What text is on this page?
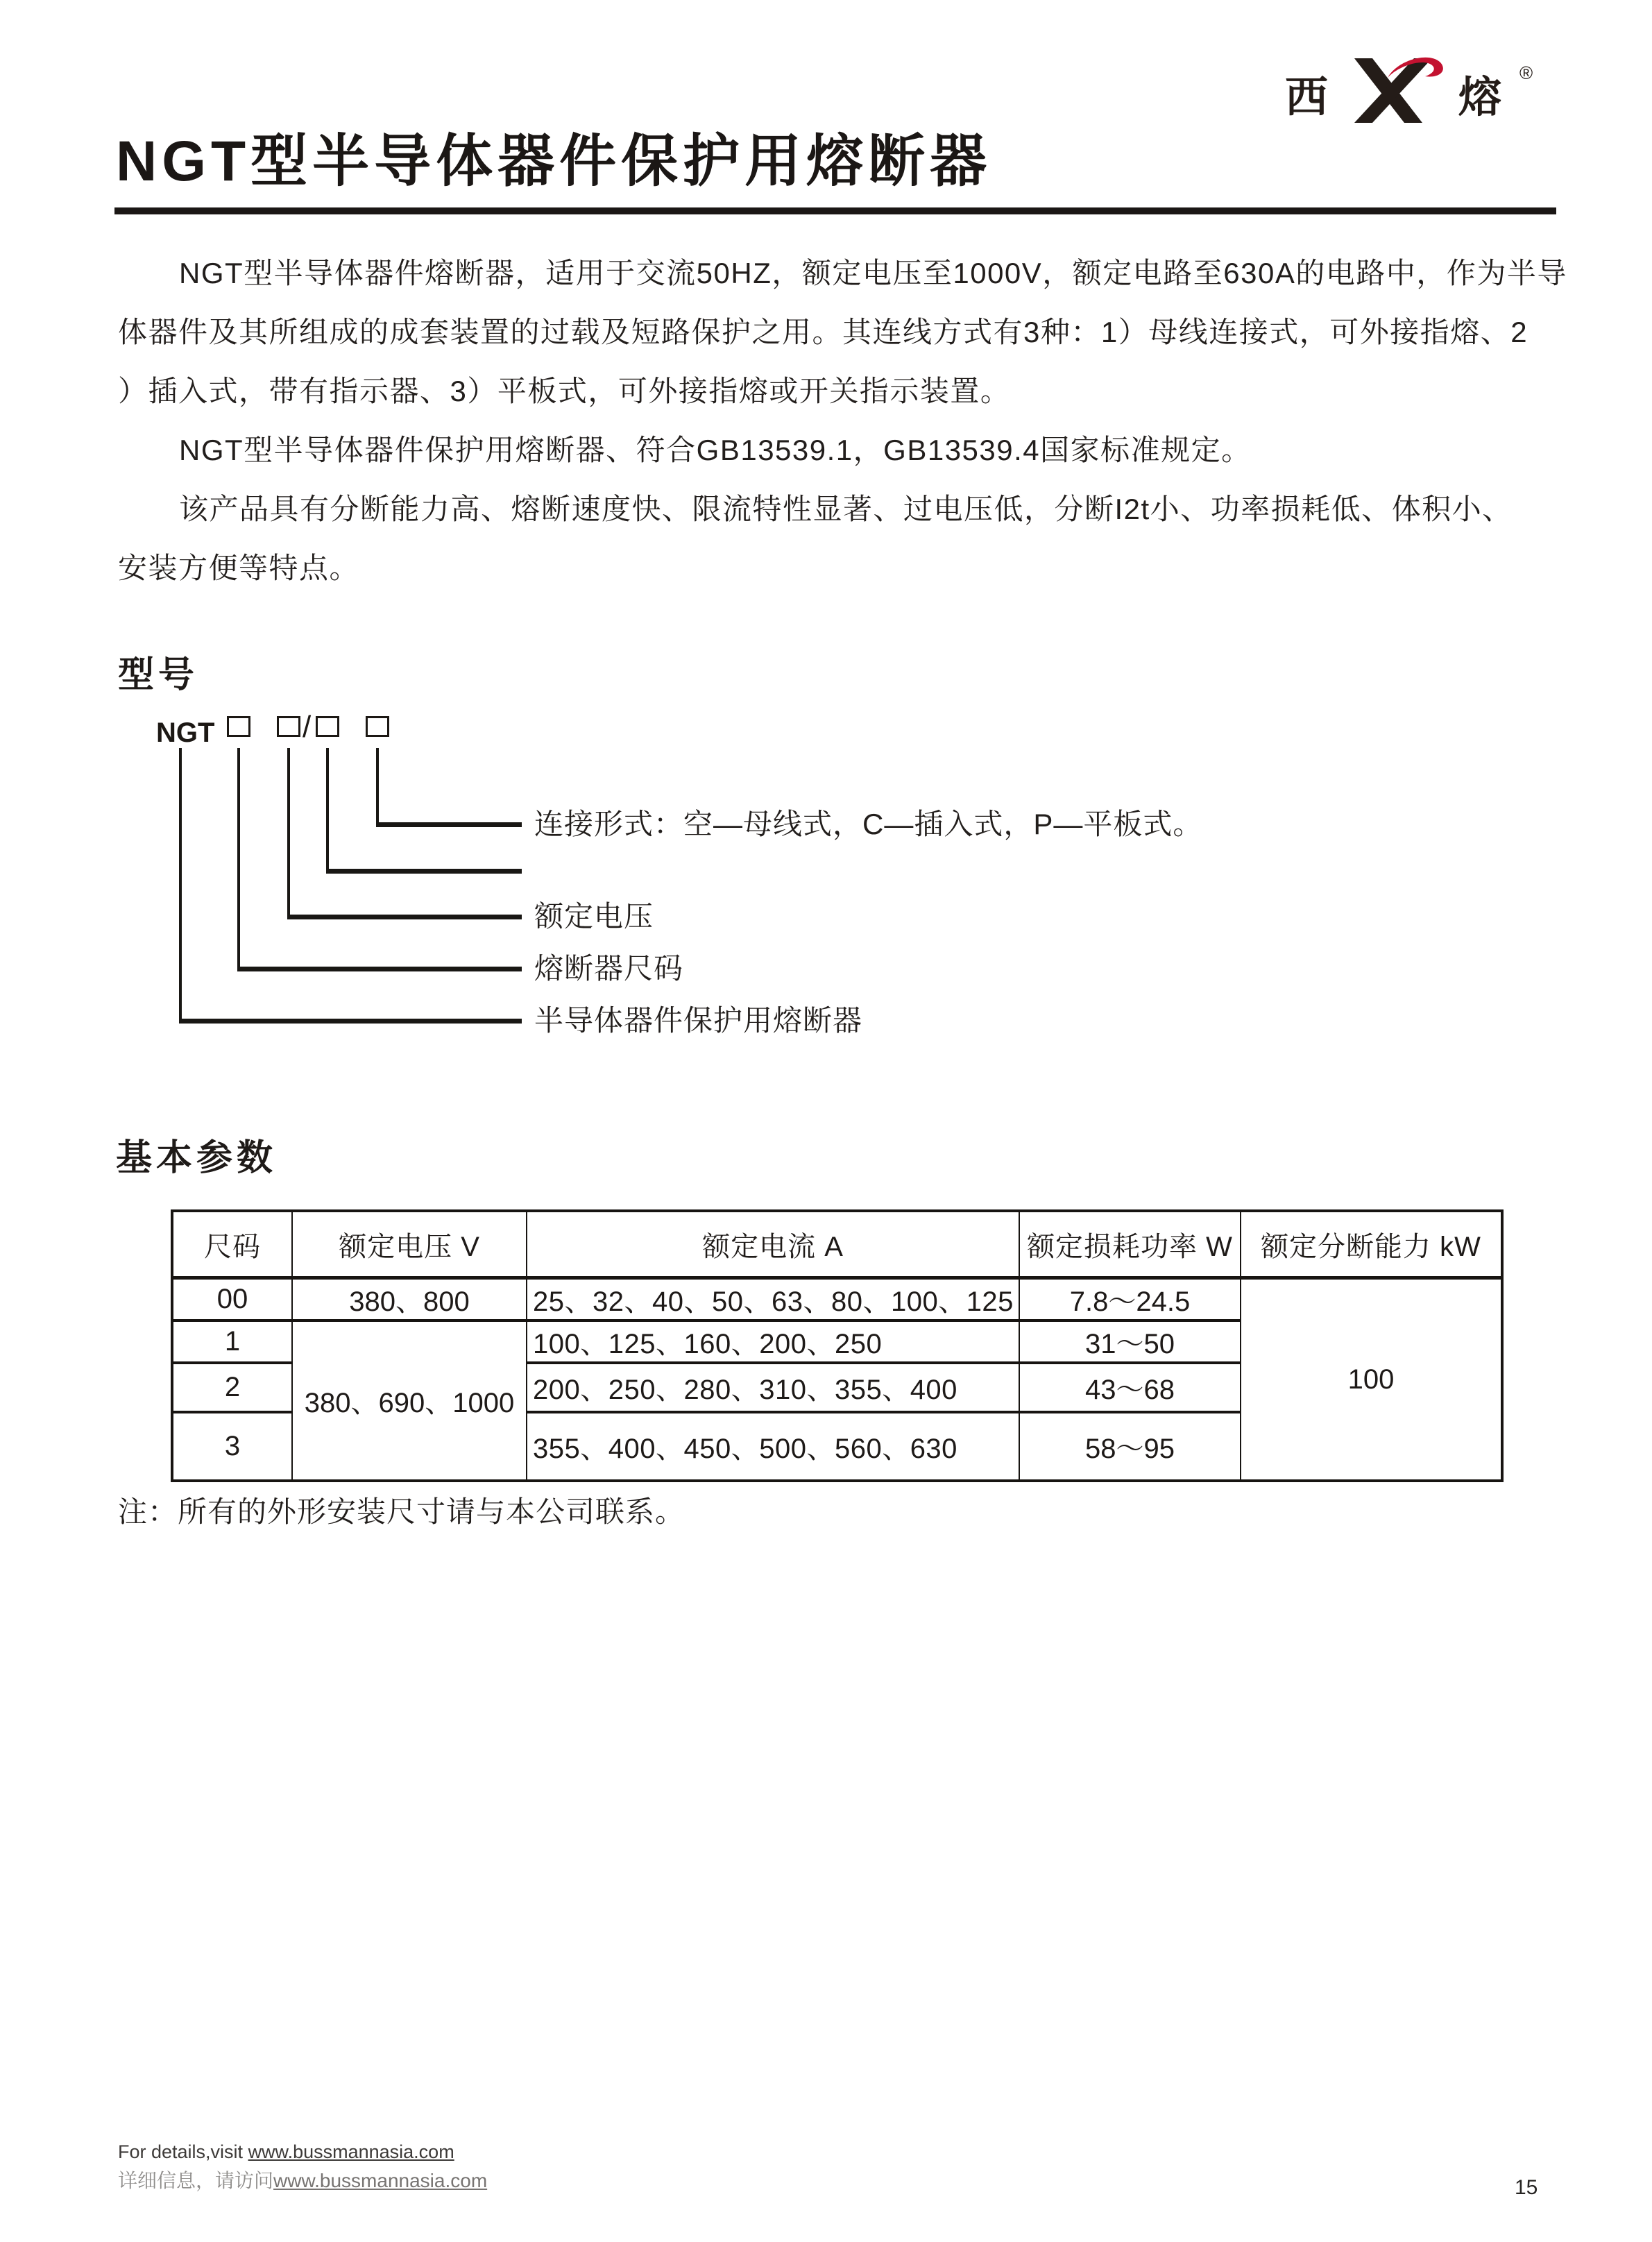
西	熔
®
NGT型半导体器件保护用熔断器
NGT型半导体器件熔断器，适用于交流50HZ，额定电压至1000V，额定电路至630A的电路中，作为半导
体器件及其所组成的成套装置的过载及短路保护之用。其连线方式有3种：1）母线连接式，可外接指熔、2
）插入式，带有指示器、3）平板式，可外接指熔或开关指示装置。
NGT型半导体器件保护用熔断器、符合GB13539.1，GB13539.4国家标准规定。
该产品具有分断能力高、熔断速度快、限流特性显著、过电压低，分断I2t小、功率损耗低、体积小、
安装方便等特点。
型号
NGT	/
连接形式：空—母线式，C—插入式，P—平板式。
额定电压
熔断器尺码
半导体器件保护用熔断器
基本参数
尺码	额定电压 V	额定电流 A	额定损耗功率 W	额定分断能力 kW
00	380、800	25、32、40、50、63、80、100、125	7.8～24.5	100
1	380、690、1000	100、125、160、200、250	31～50	
2		200、250、280、310、355、400	43～68	
3		355、400、450、500、560、630	58～95	
注：所有的外形安装尺寸请与本公司联系。
For details,visit www.bussmannasia.com
详细信息，请访问www.bussmannasia.com	15
